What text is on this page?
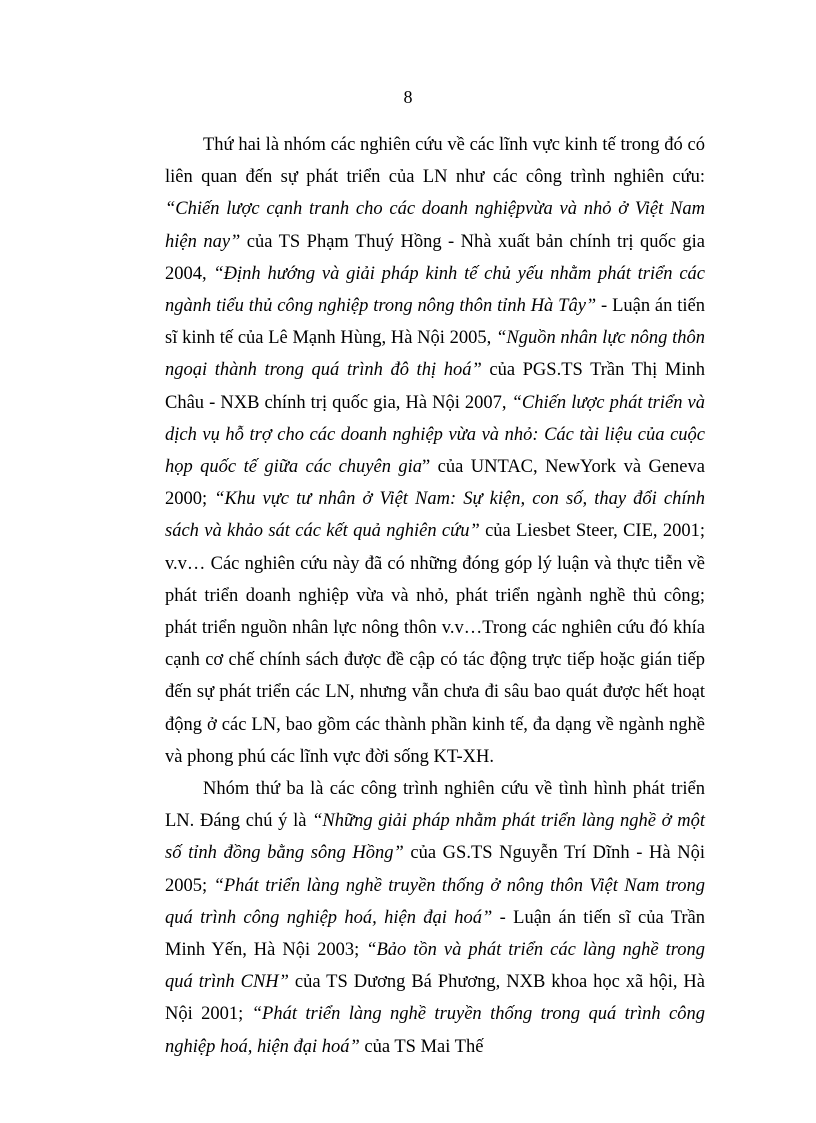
8

Thứ hai là nhóm các nghiên cứu về các lĩnh vực kinh tế trong đó có liên quan đến sự phát triển của LN như các công trình nghiên cứu: “Chiến lược cạnh tranh cho các doanh nghiệpvừa và nhỏ ở Việt Nam hiện nay” của TS Phạm Thuý Hồng - Nhà xuất bản chính trị quốc gia 2004, “Định hướng và giải pháp kinh tế chủ yếu nhằm phát triển các ngành tiểu thủ công nghiệp trong nông thôn tỉnh Hà Tây” - Luận án tiến sĩ kinh tế của Lê Mạnh Hùng, Hà Nội 2005, “Nguồn nhân lực nông thôn ngoại thành trong quá trình đô thị hoá” của PGS.TS Trần Thị Minh Châu - NXB chính trị quốc gia, Hà Nội 2007, “Chiến lược phát triển và dịch vụ hỗ trợ cho các doanh nghiệp vừa và nhỏ: Các tài liệu của cuộc họp quốc tế giữa các chuyên gia” của UNTAC, NewYork và Geneva 2000; “Khu vực tư nhân ở Việt Nam: Sự kiện, con số, thay đổi chính sách và khảo sát các kết quả nghiên cứu” của Liesbet Steer, CIE, 2001; v.v… Các nghiên cứu này đã có những đóng góp lý luận và thực tiễn về phát triển doanh nghiệp vừa và nhỏ, phát triển ngành nghề thủ công; phát triển nguồn nhân lực nông thôn v.v…Trong các nghiên cứu đó khía cạnh cơ chế chính sách được đề cập có tác động trực tiếp hoặc gián tiếp đến sự phát triển các LN, nhưng vẫn chưa đi sâu bao quát được hết hoạt động ở các LN, bao gồm các thành phần kinh tế, đa dạng về ngành nghề và phong phú các lĩnh vực đời sống KT-XH.

Nhóm thứ ba là các công trình nghiên cứu về tình hình phát triển LN. Đáng chú ý là “Những giải pháp nhằm phát triển làng nghề ở một số tỉnh đồng bằng sông Hồng” của GS.TS Nguyễn Trí Dĩnh - Hà Nội 2005; “Phát triển làng nghề truyền thống ở nông thôn Việt Nam trong quá trình công nghiệp hoá, hiện đại hoá” - Luận án tiến sĩ của Trần Minh Yến, Hà Nội 2003; “Bảo tồn và phát triển các làng nghề trong quá trình CNH” của TS Dương Bá Phương, NXB khoa học xã hội, Hà Nội 2001; “Phát triển làng nghề truyền thống trong quá trình công nghiệp hoá, hiện đại hoá” của TS Mai Thế
